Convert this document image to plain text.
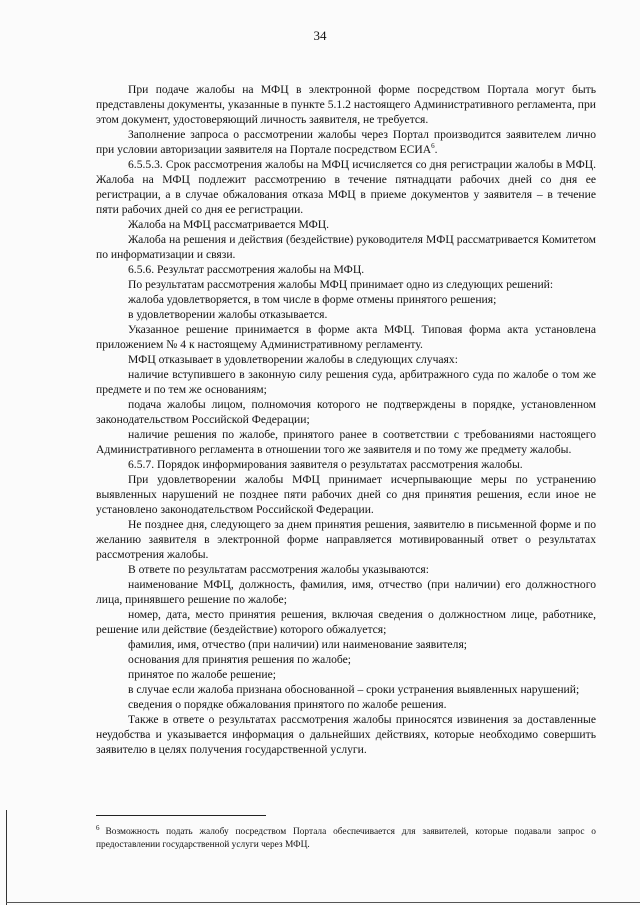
34

При подаче жалобы на МФЦ в электронной форме посредством Портала могут быть представлены документы, указанные в пункте 5.1.2 настоящего Административного регламента, при этом документ, удостоверяющий личность заявителя, не требуется.

Заполнение запроса о рассмотрении жалобы через Портал производится заявителем лично при условии авторизации заявителя на Портале посредством ЕСИА$^6$.

6.5.5.3. Срок рассмотрения жалобы на МФЦ исчисляется со дня регистрации жалобы в МФЦ. Жалоба на МФЦ подлежит рассмотрению в течение пятнадцати рабочих дней со дня ее регистрации, а в случае обжалования отказа МФЦ в приеме документов у заявителя – в течение пяти рабочих дней со дня ее регистрации.

Жалоба на МФЦ рассматривается МФЦ.

Жалоба на решения и действия (бездействие) руководителя МФЦ рассматривается Комитетом по информатизации и связи.

6.5.6. Результат рассмотрения жалобы на МФЦ.

По результатам рассмотрения жалобы МФЦ принимает одно из следующих решений:

жалоба удовлетворяется, в том числе в форме отмены принятого решения;

в удовлетворении жалобы отказывается.

Указанное решение принимается в форме акта МФЦ. Типовая форма акта установлена приложением № 4 к настоящему Административному регламенту.

МФЦ отказывает в удовлетворении жалобы в следующих случаях:

наличие вступившего в законную силу решения суда, арбитражного суда по жалобе о том же предмете и по тем же основаниям;

подача жалобы лицом, полномочия которого не подтверждены в порядке, установленном законодательством Российской Федерации;

наличие решения по жалобе, принятого ранее в соответствии с требованиями настоящего Административного регламента в отношении того же заявителя и по тому же предмету жалобы.

6.5.7. Порядок информирования заявителя о результатах рассмотрения жалобы.

При удовлетворении жалобы МФЦ принимает исчерпывающие меры по устранению выявленных нарушений не позднее пяти рабочих дней со дня принятия решения, если иное не установлено законодательством Российской Федерации.

Не позднее дня, следующего за днем принятия решения, заявителю в письменной форме и по желанию заявителя в электронной форме направляется мотивированный ответ о результатах рассмотрения жалобы.

В ответе по результатам рассмотрения жалобы указываются:

наименование МФЦ, должность, фамилия, имя, отчество (при наличии) его должностного лица, принявшего решение по жалобе;

номер, дата, место принятия решения, включая сведения о должностном лице, работнике, решение или действие (бездействие) которого обжалуется;

фамилия, имя, отчество (при наличии) или наименование заявителя;

основания для принятия решения по жалобе;

принятое по жалобе решение;

в случае если жалоба признана обоснованной – сроки устранения выявленных нарушений;

сведения о порядке обжалования принятого по жалобе решения.

Также в ответе о результатах рассмотрения жалобы приносятся извинения за доставленные неудобства и указывается информация о дальнейших действиях, которые необходимо совершить заявителю в целях получения государственной услуги.

$^6$ Возможность подать жалобу посредством Портала обеспечивается для заявителей, которые подавали запрос о предоставлении государственной услуги через МФЦ.
